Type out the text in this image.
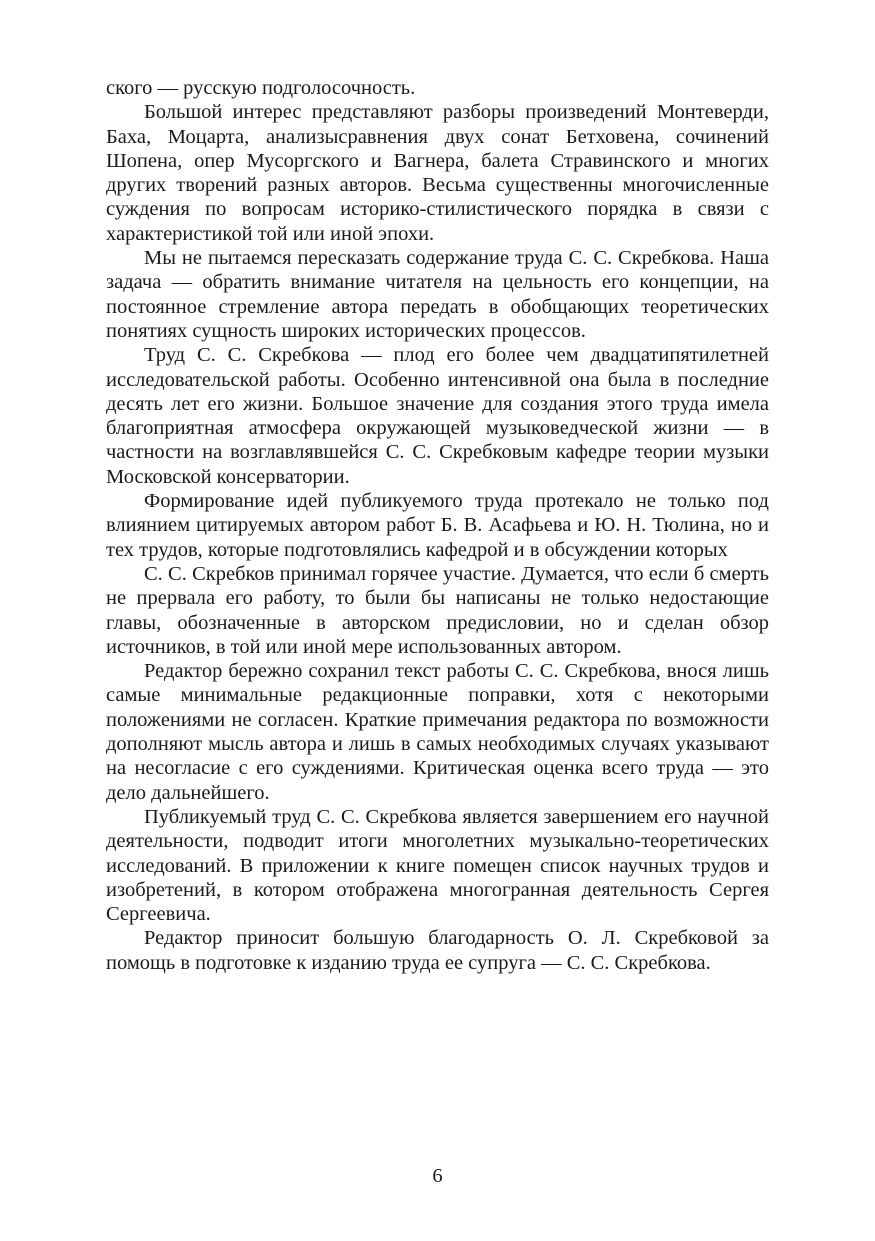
ского — русскую подголосочность.

Большой интерес представляют разборы произведений Монтеверди, Баха, Моцарта, анализысравнения двух сонат Бетховена, сочинений Шопена, опер Мусоргского и Вагнера, балета Стравинского и многих других творений разных авторов. Весьма существенны многочисленные суждения по вопросам историко-стилистического порядка в связи с характеристикой той или иной эпохи.

Мы не пытаемся пересказать содержание труда С. С. Скребкова. Наша задача — обратить внимание читателя на цельность его концепции, на постоянное стремление автора передать в обобщающих теоретических понятиях сущность широких исторических процессов.

Труд С. С. Скребкова — плод его более чем двадцатипятилетней исследовательской работы. Особенно интенсивной она была в последние десять лет его жизни. Большое значение для создания этого труда имела благоприятная атмосфера окружающей музыковедческой жизни — в частности на возглавлявшейся С. С. Скребковым кафедре теории музыки Московской консерватории.

Формирование идей публикуемого труда протекало не только под влиянием цитируемых автором работ Б. В. Асафьева и Ю. Н. Тюлина, но и тех трудов, которые подготовлялись кафедрой и в обсуждении которых

С. С. Скребков принимал горячее участие. Думается, что если б смерть не прервала его работу, то были бы написаны не только недостающие главы, обозначенные в авторском предисловии, но и сделан обзор источников, в той или иной мере использованных автором.

Редактор бережно сохранил текст работы С. С. Скребкова, внося лишь самые минимальные редакционные поправки, хотя с некоторыми положениями не согласен. Краткие примечания редактора по возможности дополняют мысль автора и лишь в самых необходимых случаях указывают на несогласие с его суждениями. Критическая оценка всего труда — это дело дальнейшего.

Публикуемый труд С. С. Скребкова является завершением его научной деятельности, подводит итоги многолетних музыкально-теоретических исследований. В приложении к книге помещен список научных трудов и изобретений, в котором отображена многогранная деятельность Сергея Сергеевича.

Редактор приносит большую благодарность О. Л. Скребковой за помощь в подготовке к изданию труда ее супруга — С. С. Скребкова.

6
